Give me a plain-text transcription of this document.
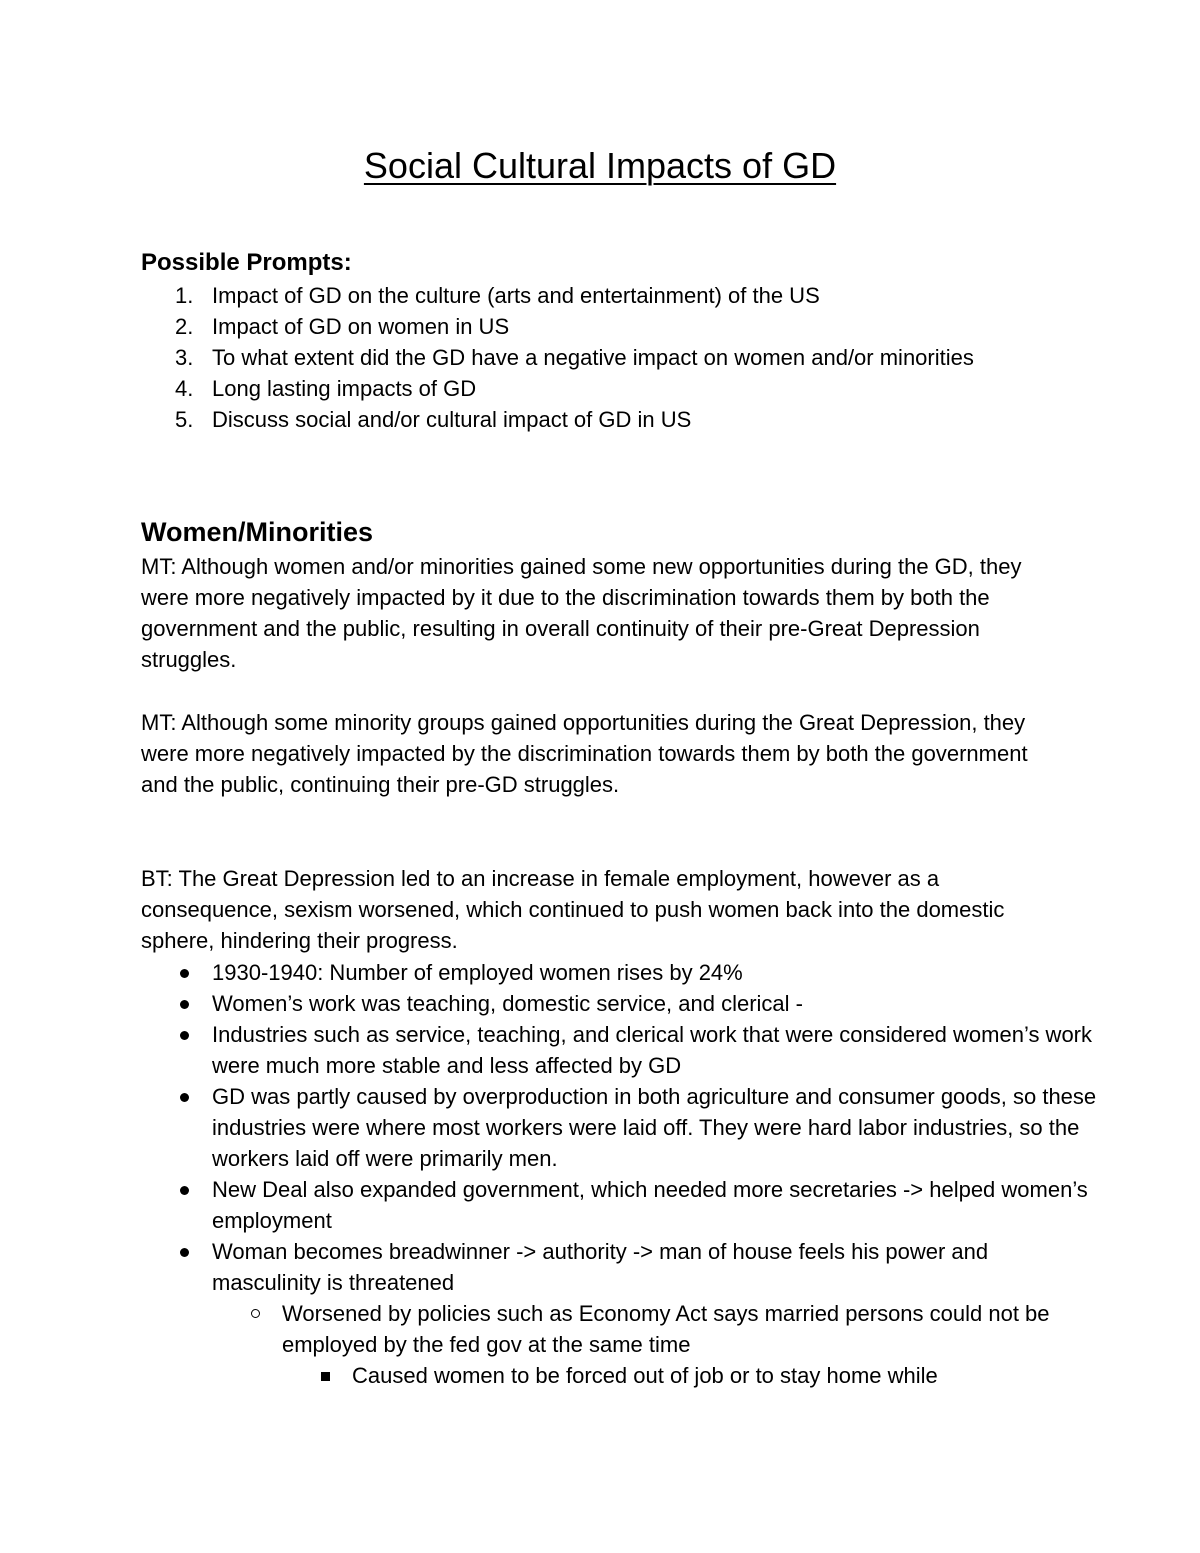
Social Cultural Impacts of GD
Possible Prompts:
1. Impact of GD on the culture (arts and entertainment) of the US
2. Impact of GD on women in US
3. To what extent did the GD have a negative impact on women and/or minorities
4. Long lasting impacts of GD
5. Discuss social and/or cultural impact of GD in US
Women/Minorities

MT: Although women and/or minorities gained some new opportunities during the GD, they were more negatively impacted by it due to the discrimination towards them by both the government and the public, resulting in overall continuity of their pre-Great Depression struggles.

MT: Although some minority groups gained opportunities during the Great Depression, they were more negatively impacted by the discrimination towards them by both the government and the public, continuing their pre-GD struggles.

BT: The Great Depression led to an increase in female employment, however as a consequence, sexism worsened, which continued to push women back into the domestic sphere, hindering their progress.

1930-1940: Number of employed women rises by 24%
Women’s work was teaching, domestic service, and clerical -
Industries such as service, teaching, and clerical work that were considered women’s work were much more stable and less affected by GD
GD was partly caused by overproduction in both agriculture and consumer goods, so these industries were where most workers were laid off. They were hard labor industries, so the workers laid off were primarily men.
New Deal also expanded government, which needed more secretaries -> helped women’s employment
Woman becomes breadwinner -> authority -> man of house feels his power and masculinity is threatened
Worsened by policies such as Economy Act says married persons could not be employed by the fed gov at the same time
Caused women to be forced out of job or to stay home while
